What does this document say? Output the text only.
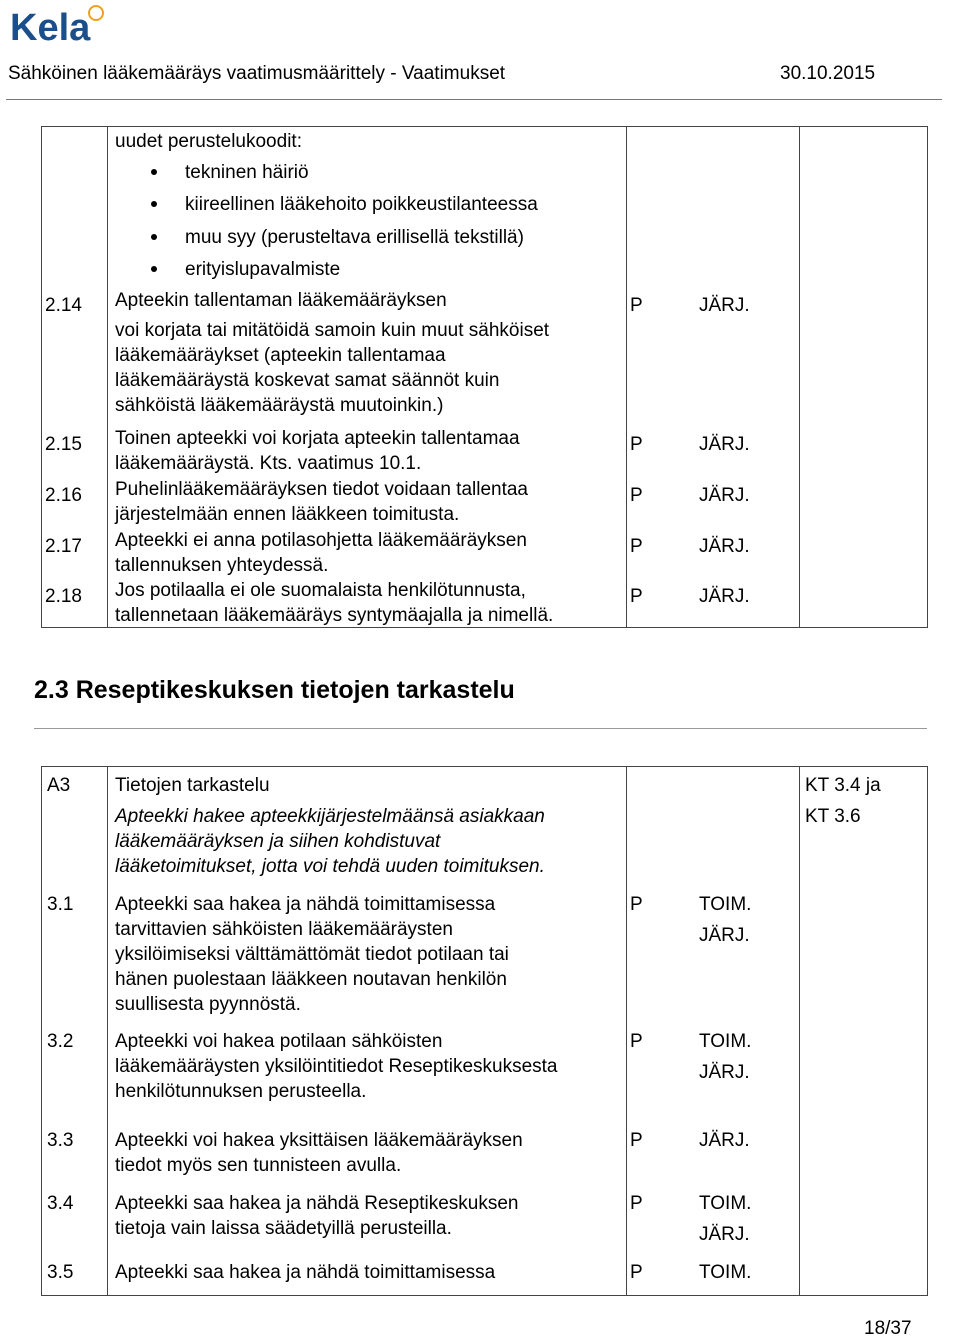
Kela
Sähköinen lääkemääräys vaatimusmäärittely - Vaatimukset	30.10.2015
uudet perustelukoodit:
tekninen häiriö
kiireellinen lääkehoito poikkeustilanteessa
muu syy (perusteltava erillisellä tekstillä)
erityislupavalmiste
2.14 Apteekin tallentaman lääkemääräyksen
voi korjata tai mitätöidä samoin kuin muut sähköiset
lääkemääräykset (apteekin tallentamaa
lääkemääräystä koskevat samat säännöt kuin
sähköistä lääkemääräystä muutoinkin.)
P	JÄRJ.
2.15 Toinen apteekki voi korjata apteekin tallentamaa
lääkemääräystä. Kts. vaatimus 10.1.
P	JÄRJ.
2.16 Puhelinlääkemääräyksen tiedot voidaan tallentaa
järjestelmään ennen lääkkeen toimitusta.
P	JÄRJ.
2.17 Apteekki ei anna potilasohjetta lääkemääräyksen
tallennuksen yhteydessä.
P	JÄRJ.
2.18 Jos potilaalla ei ole suomalaista henkilötunnusta,
tallennetaan lääkemääräys syntymäajalla ja nimellä.
P	JÄRJ.
2.3 Reseptikeskuksen tietojen tarkastelu
A3 Tietojen tarkastelu
Apteekki hakee apteekkijärjestelmäänsä asiakkaan
lääkemääräyksen ja siihen kohdistuvat
lääketoimitukset, jotta voi tehdä uuden toimituksen.
KT 3.4 ja
KT 3.6
3.1 Apteekki saa hakea ja nähdä toimittamisessa
tarvittavien sähköisten lääkemääräysten
yksilöimiseksi välttämättömät tiedot potilaan tai
hänen puolestaan lääkkeen noutavan henkilön
suullisesta pyynnöstä.
P	TOIM.
JÄRJ.
3.2 Apteekki voi hakea potilaan sähköisten
lääkemääräysten yksilöintitiedot Reseptikeskuksesta
henkilötunnuksen perusteella.
P	TOIM.
JÄRJ.
3.3 Apteekki voi hakea yksittäisen lääkemääräyksen
tiedot myös sen tunnisteen avulla.
P	JÄRJ.
3.4 Apteekki saa hakea ja nähdä Reseptikeskuksen
tietoja vain laissa säädetyillä perusteilla.
P	TOIM.
JÄRJ.
3.5 Apteekki saa hakea ja nähdä toimittamisessa	P	TOIM.
18/37
